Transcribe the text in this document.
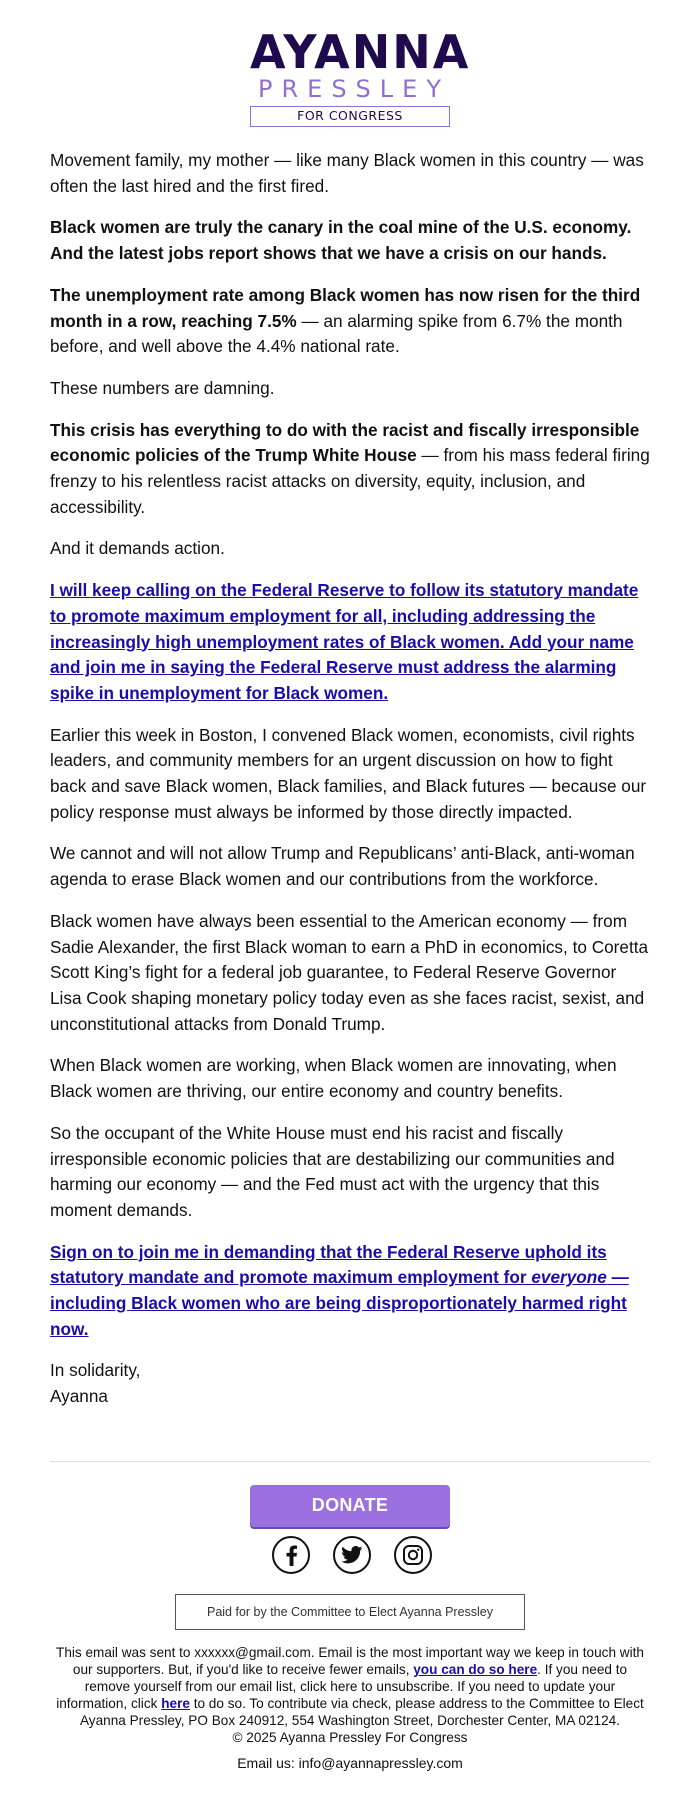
AYANNA
PRESSLEY
FOR CONGRESS

Movement family, my mother — like many Black women in this country — was often the last hired and the first fired.

Black women are truly the canary in the coal mine of the U.S. economy. And the latest jobs report shows that we have a crisis on our hands.

The unemployment rate among Black women has now risen for the third month in a row, reaching 7.5% — an alarming spike from 6.7% the month before, and well above the 4.4% national rate.

These numbers are damning.

This crisis has everything to do with the racist and fiscally irresponsible economic policies of the Trump White House — from his mass federal firing frenzy to his relentless racist attacks on diversity, equity, inclusion, and accessibility.

And it demands action.

I will keep calling on the Federal Reserve to follow its statutory mandate to promote maximum employment for all, including addressing the increasingly high unemployment rates of Black women. Add your name and join me in saying the Federal Reserve must address the alarming spike in unemployment for Black women.

Earlier this week in Boston, I convened Black women, economists, civil rights leaders, and community members for an urgent discussion on how to fight back and save Black women, Black families, and Black futures — because our policy response must always be informed by those directly impacted.

We cannot and will not allow Trump and Republicans’ anti-Black, anti-woman agenda to erase Black women and our contributions from the workforce.

Black women have always been essential to the American economy — from Sadie Alexander, the first Black woman to earn a PhD in economics, to Coretta Scott King’s fight for a federal job guarantee, to Federal Reserve Governor Lisa Cook shaping monetary policy today even as she faces racist, sexist, and unconstitutional attacks from Donald Trump.

When Black women are working, when Black women are innovating, when Black women are thriving, our entire economy and country benefits.

So the occupant of the White House must end his racist and fiscally irresponsible economic policies that are destabilizing our communities and harming our economy — and the Fed must act with the urgency that this moment demands.

Sign on to join me in demanding that the Federal Reserve uphold its statutory mandate and promote maximum employment for everyone — including Black women who are being disproportionately harmed right now.

In solidarity,
Ayanna

DONATE
Paid for by the Committee to Elect Ayanna Pressley
This email was sent to xxxxxx@gmail.com. Email is the most important way we keep in touch with our supporters. But, if you'd like to receive fewer emails, you can do so here. If you need to remove yourself from our email list, click here to unsubscribe. If you need to update your information, click here to do so. To contribute via check, please address to the Committee to Elect Ayanna Pressley, PO Box 240912, 554 Washington Street, Dorchester Center, MA 02124.
© 2025 Ayanna Pressley For Congress
Email us: info@ayannapressley.com
